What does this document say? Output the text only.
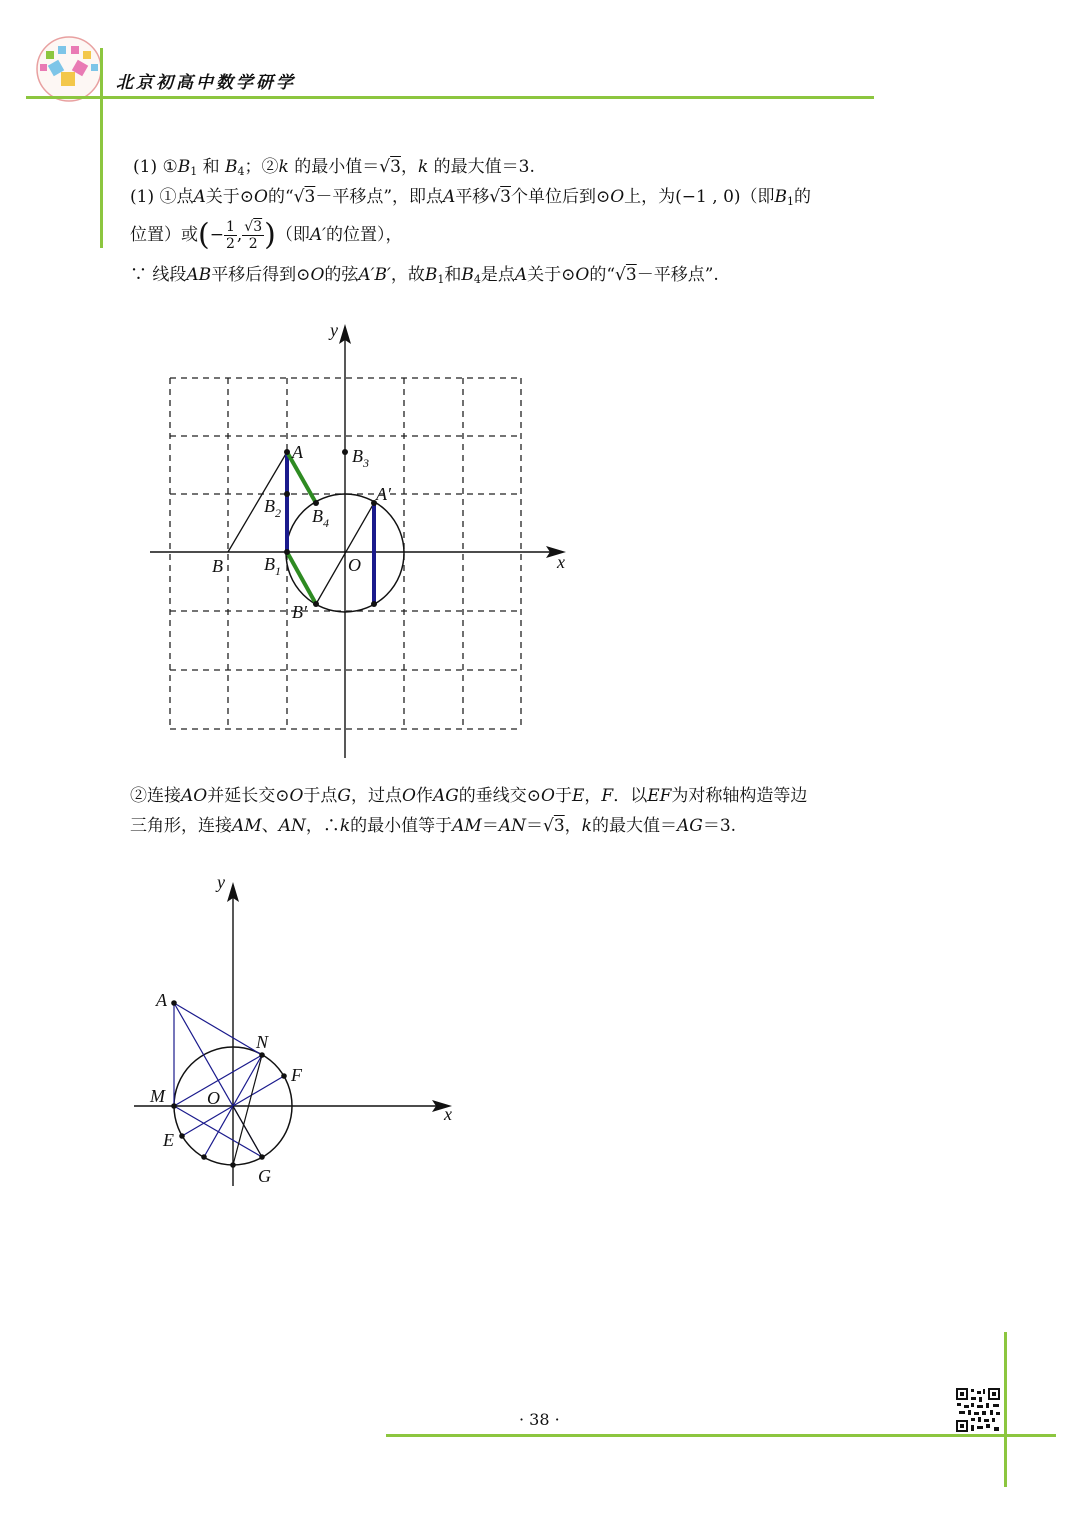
北京初高中数学研学
(1) $①B_1$ 和 $B_4$；②k 的最小值＝√3，k 的最大值＝3.
(1) ①点A关于⊙O的“√3－平移点”，即点A平移√3个单位后到⊙O上，为(−1 , 0)（即$B_1$的
位置）或(− $\frac{1}{2}$ , $\frac{√3}{2}$ )（即A′的位置），
∵ 线段AB平移后得到⊙O的弦A′B′，故$B_1$和$B_4$是点A关于⊙O的“√3－平移点”.
y
x
A	$B_3$
A′
$B_2$ $B_4$
B $B_1$	O
B′
②连接AO并延长交⊙O于点G，过点O作AG的垂线交⊙O于E，F．以EF为对称轴构造等边
三角形，连接AM、AN，∴k的最小值等于AM＝AN＝√3，k的最大值＝AG＝3.
y
x
A
N
F
M O
E
G
· 38 ·
